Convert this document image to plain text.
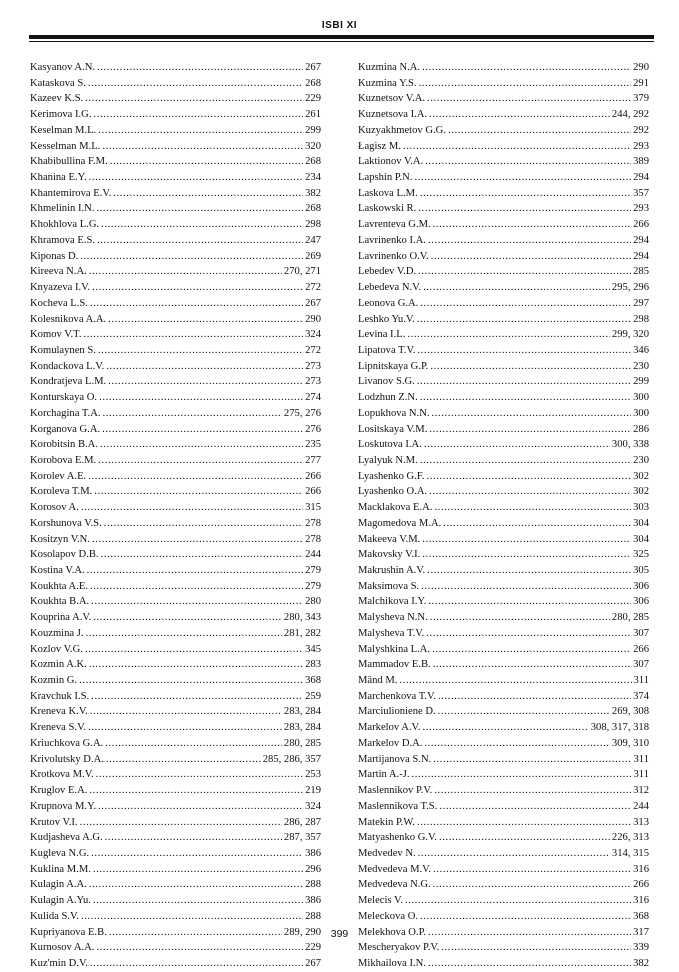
ISBI XI
Kasyanov A.N. .....	267
Kataskova S. .....	268
Kazeev K.S. .....	229
Kerimova I.G. .....	261
Keselman M.L. .....	299
Kesselman M.L. .....	320
Khabibullina F.M. .....	268
Khanina E.Y. .....	234
Khantemirova E.V. .....	382
Khmelinin I.N. .....	268
Khokhlova L.G. .....	298
Khramova E.S. .....	247
Kiponas D. .....	269
Kireeva N.A. .....	270, 271
Knyazeva I.V. .....	272
Kocheva L.S. .....	267
Kolesnikova A.A. .....	290
Komov V.T. .....	324
Komulaynen S. .....	272
Kondackova L.V. .....	273
Kondratjeva L.M. .....	273
Konturskaya O. .....	274
Korchagina T.A. .....	275, 276
Korganova G.A. .....	276
Korobitsin B.A. .....	235
Korobova E.M. .....	277
Korolev A.E. .....	266
Koroleva T.M. .....	266
Korosov A. .....	315
Korshunova V.S. .....	278
Kositzyn V.N. .....	278
Kosolapov D.B. .....	244
Kostina V.A. .....	279
Koukhta A.E. .....	279
Koukhta B.A. .....	280
Kouprina A.V. .....	280, 343
Kouzmina J. .....	281, 282
Kozlov V.G. .....	345
Kozmin A.K. .....	283
Kozmin G. .....	368
Kravchuk I.S. .....	259
Kreneva K.V. .....	283, 284
Kreneva S.V. .....	283, 284
Kriuchkova G.A. .....	280, 285
Krivolutsky D.A. .....	285, 286, 357
Krotkova M.V. .....	253
Kruglov E.A. .....	219
Krupnova M.Y. .....	324
Krutov V.I. .....	286, 287
Kudjasheva A.G. .....	287, 357
Kugleva N.G. .....	386
Kuklina M.M. .....	296
Kulagin A.A. .....	288
Kulagin A.Yu. .....	386
Kulida S.V. .....	288
Kupriyanova E.B. .....	289, 290
Kurnosov A.A. .....	229
Kuz'min D.V. .....	267
Kuzmina N.A. .....	290
Kuzmina Y.S. .....	291
Kuznetsov V.A. .....	379
Kuznetsova I.A. .....	244, 292
Kuzyakhmetov G.G. .....	292
Łagisz M. .....	293
Laktionov V.A. .....	389
Lapshin P.N. .....	294
Laskova L.M. .....	357
Laskowski R. .....	293
Lavrenteva G.M. .....	266
Lavrinenko I.A. .....	294
Lavrinenko O.V. .....	294
Lebedev V.D. .....	285
Lebedeva N.V. .....	295, 296
Leonova G.A. .....	297
Leshko Yu.V. .....	298
Levina I.L. .....	299, 320
Lipatova T.V. .....	346
Lipnitskaya G.P. .....	230
Livanov S.G. .....	299
Lodzhun Z.N. .....	300
Lopukhova N.N. .....	300
Lositskaya V.M. .....	286
Loskutova I.A. .....	300, 338
Lyalyuk N.M. .....	230
Lyashenko G.F. .....	302
Lyashenko O.A. .....	302
Macklakova E.A. .....	303
Magomedova M.A. .....	304
Makeeva V.M. .....	304
Makovsky V.I. .....	325
Makrushin A.V. .....	305
Maksimova S. .....	306
Malchikova I.Y. .....	306
Malysheva N.N. .....	280, 285
Malysheva T.V. .....	307
Malyshkina L.A. .....	266
Mammadov E.B. .....	307
Mänd M. .....	311
Marchenkova T.V. .....	374
Marciulioniene D. .....	269, 308
Markelov A.V. .....	308, 317, 318
Markelov D.A. .....	309, 310
Martijanova S.N. .....	311
Martin A.-J. .....	311
Maslennikov P.V. .....	312
Maslennikova T.S. .....	244
Matekin P.W. .....	313
Matyashenko G.V. .....	226, 313
Medvedev N. .....	314, 315
Medvedeva M.V. .....	316
Medvedeva N.G. .....	266
Melecis V. .....	316
Meleckova O. .....	368
Melekhova O.P. .....	317
Mescheryakov P.V. .....	339
Mikhailova I.N. .....	382
399
